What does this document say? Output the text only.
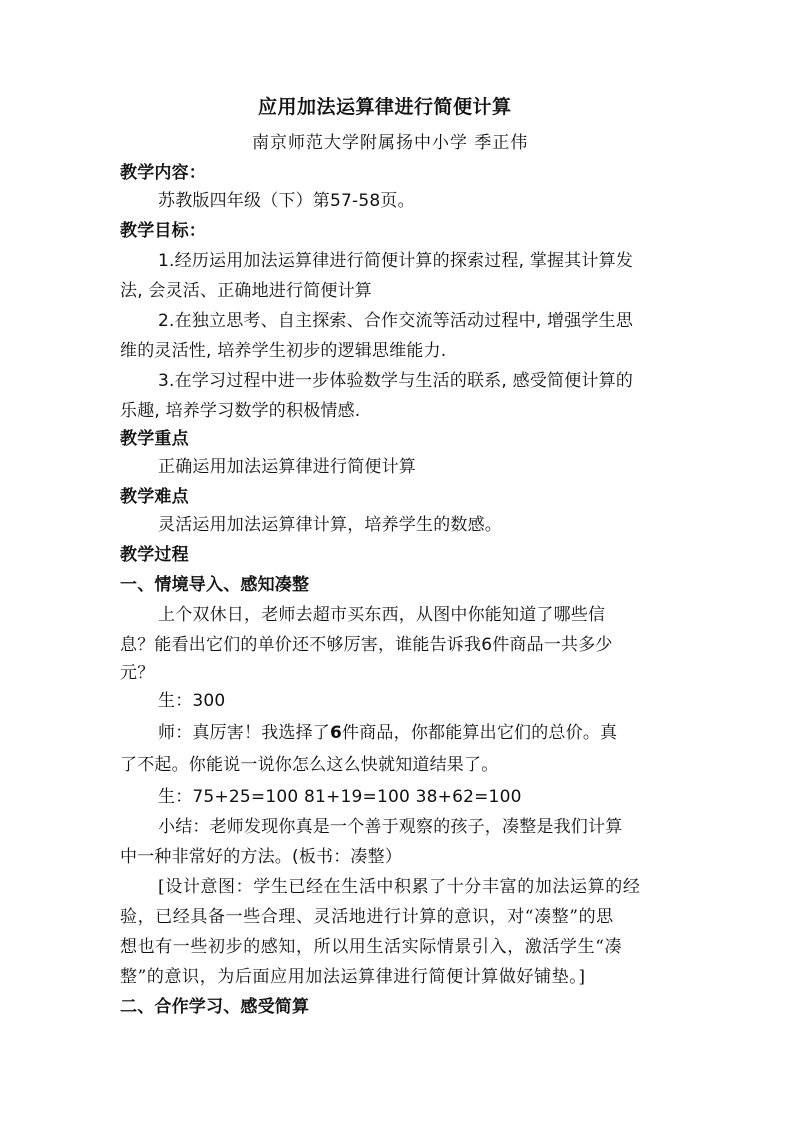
应用加法运算律进行简便计算
南京师范大学附属扬中小学 季正伟
教学内容：
苏教版四年级（下）第57-58页。
教学目标：
1.经历运用加法运算律进行简便计算的探索过程, 掌握其计算发
法, 会灵活、正确地进行简便计算
2.在独立思考、自主探索、合作交流等活动过程中, 增强学生思
维的灵活性, 培养学生初步的逻辑思维能力.
3.在学习过程中进一步体验数学与生活的联系, 感受简便计算的
乐趣, 培养学习数学的积极情感.
教学重点
正确运用加法运算律进行简便计算
教学难点
灵活运用加法运算律计算，培养学生的数感。
教学过程
一、情境导入、感知凑整
上个双休日，老师去超市买东西，从图中你能知道了哪些信
息？能看出它们的单价还不够厉害，谁能告诉我6件商品一共多少
元？
生：300
师：真厉害！我选择了6件商品，你都能算出它们的总价。真
了不起。你能说一说你怎么这么快就知道结果了。
生：75+25=100 81+19=100 38+62=100
小结：老师发现你真是一个善于观察的孩子，凑整是我们计算
中一种非常好的方法。(板书：凑整）
[设计意图：学生已经在生活中积累了十分丰富的加法运算的经
验，已经具备一些合理、灵活地进行计算的意识，对“凑整”的思
想也有一些初步的感知，所以用生活实际情景引入，激活学生“凑
整”的意识，为后面应用加法运算律进行简便计算做好铺垫。]
二、合作学习、感受简算
